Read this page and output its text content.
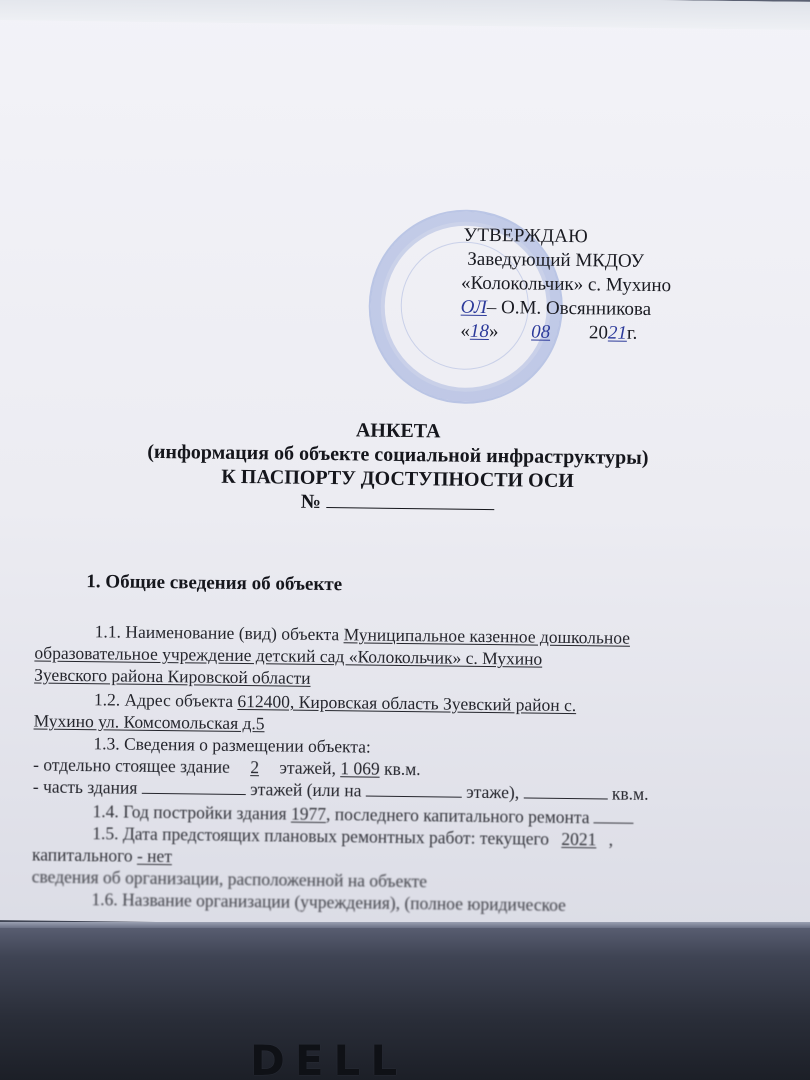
УТВЕРЖДАЮ
Заведующий МКДОУ
«Колокольчик» с. Мухино
ОЛ– О.М. Овсянникова
«18» 08 2021г.
АНКЕТА
(информация об объекте социальной инфраструктуры)
К ПАСПОРТУ ДОСТУПНОСТИ ОСИ
№
1. Общие сведения об объекте
1.1. Наименование (вид) объекта Муниципальное казенное дошкольное
образовательное учреждение детский сад «Колокольчик» с. Мухино
Зуевского района Кировской области
1.2. Адрес объекта 612400, Кировская область Зуевский район с.
Мухино ул. Комсомольская д.5
1.3. Сведения о размещении объекта:
- отдельно стоящее здание 2 этажей, 1 069 кв.м.
- часть здания	этажей (или на	этаже),	кв.м.
1.4. Год постройки здания 1977, последнего капитального ремонта
1.5. Дата предстоящих плановых ремонтных работ: текущего 2021 ,
капитального - нет
сведения об организации, расположенной на объекте
1.6. Название организации (учреждения), (полное юридическое
DELL
